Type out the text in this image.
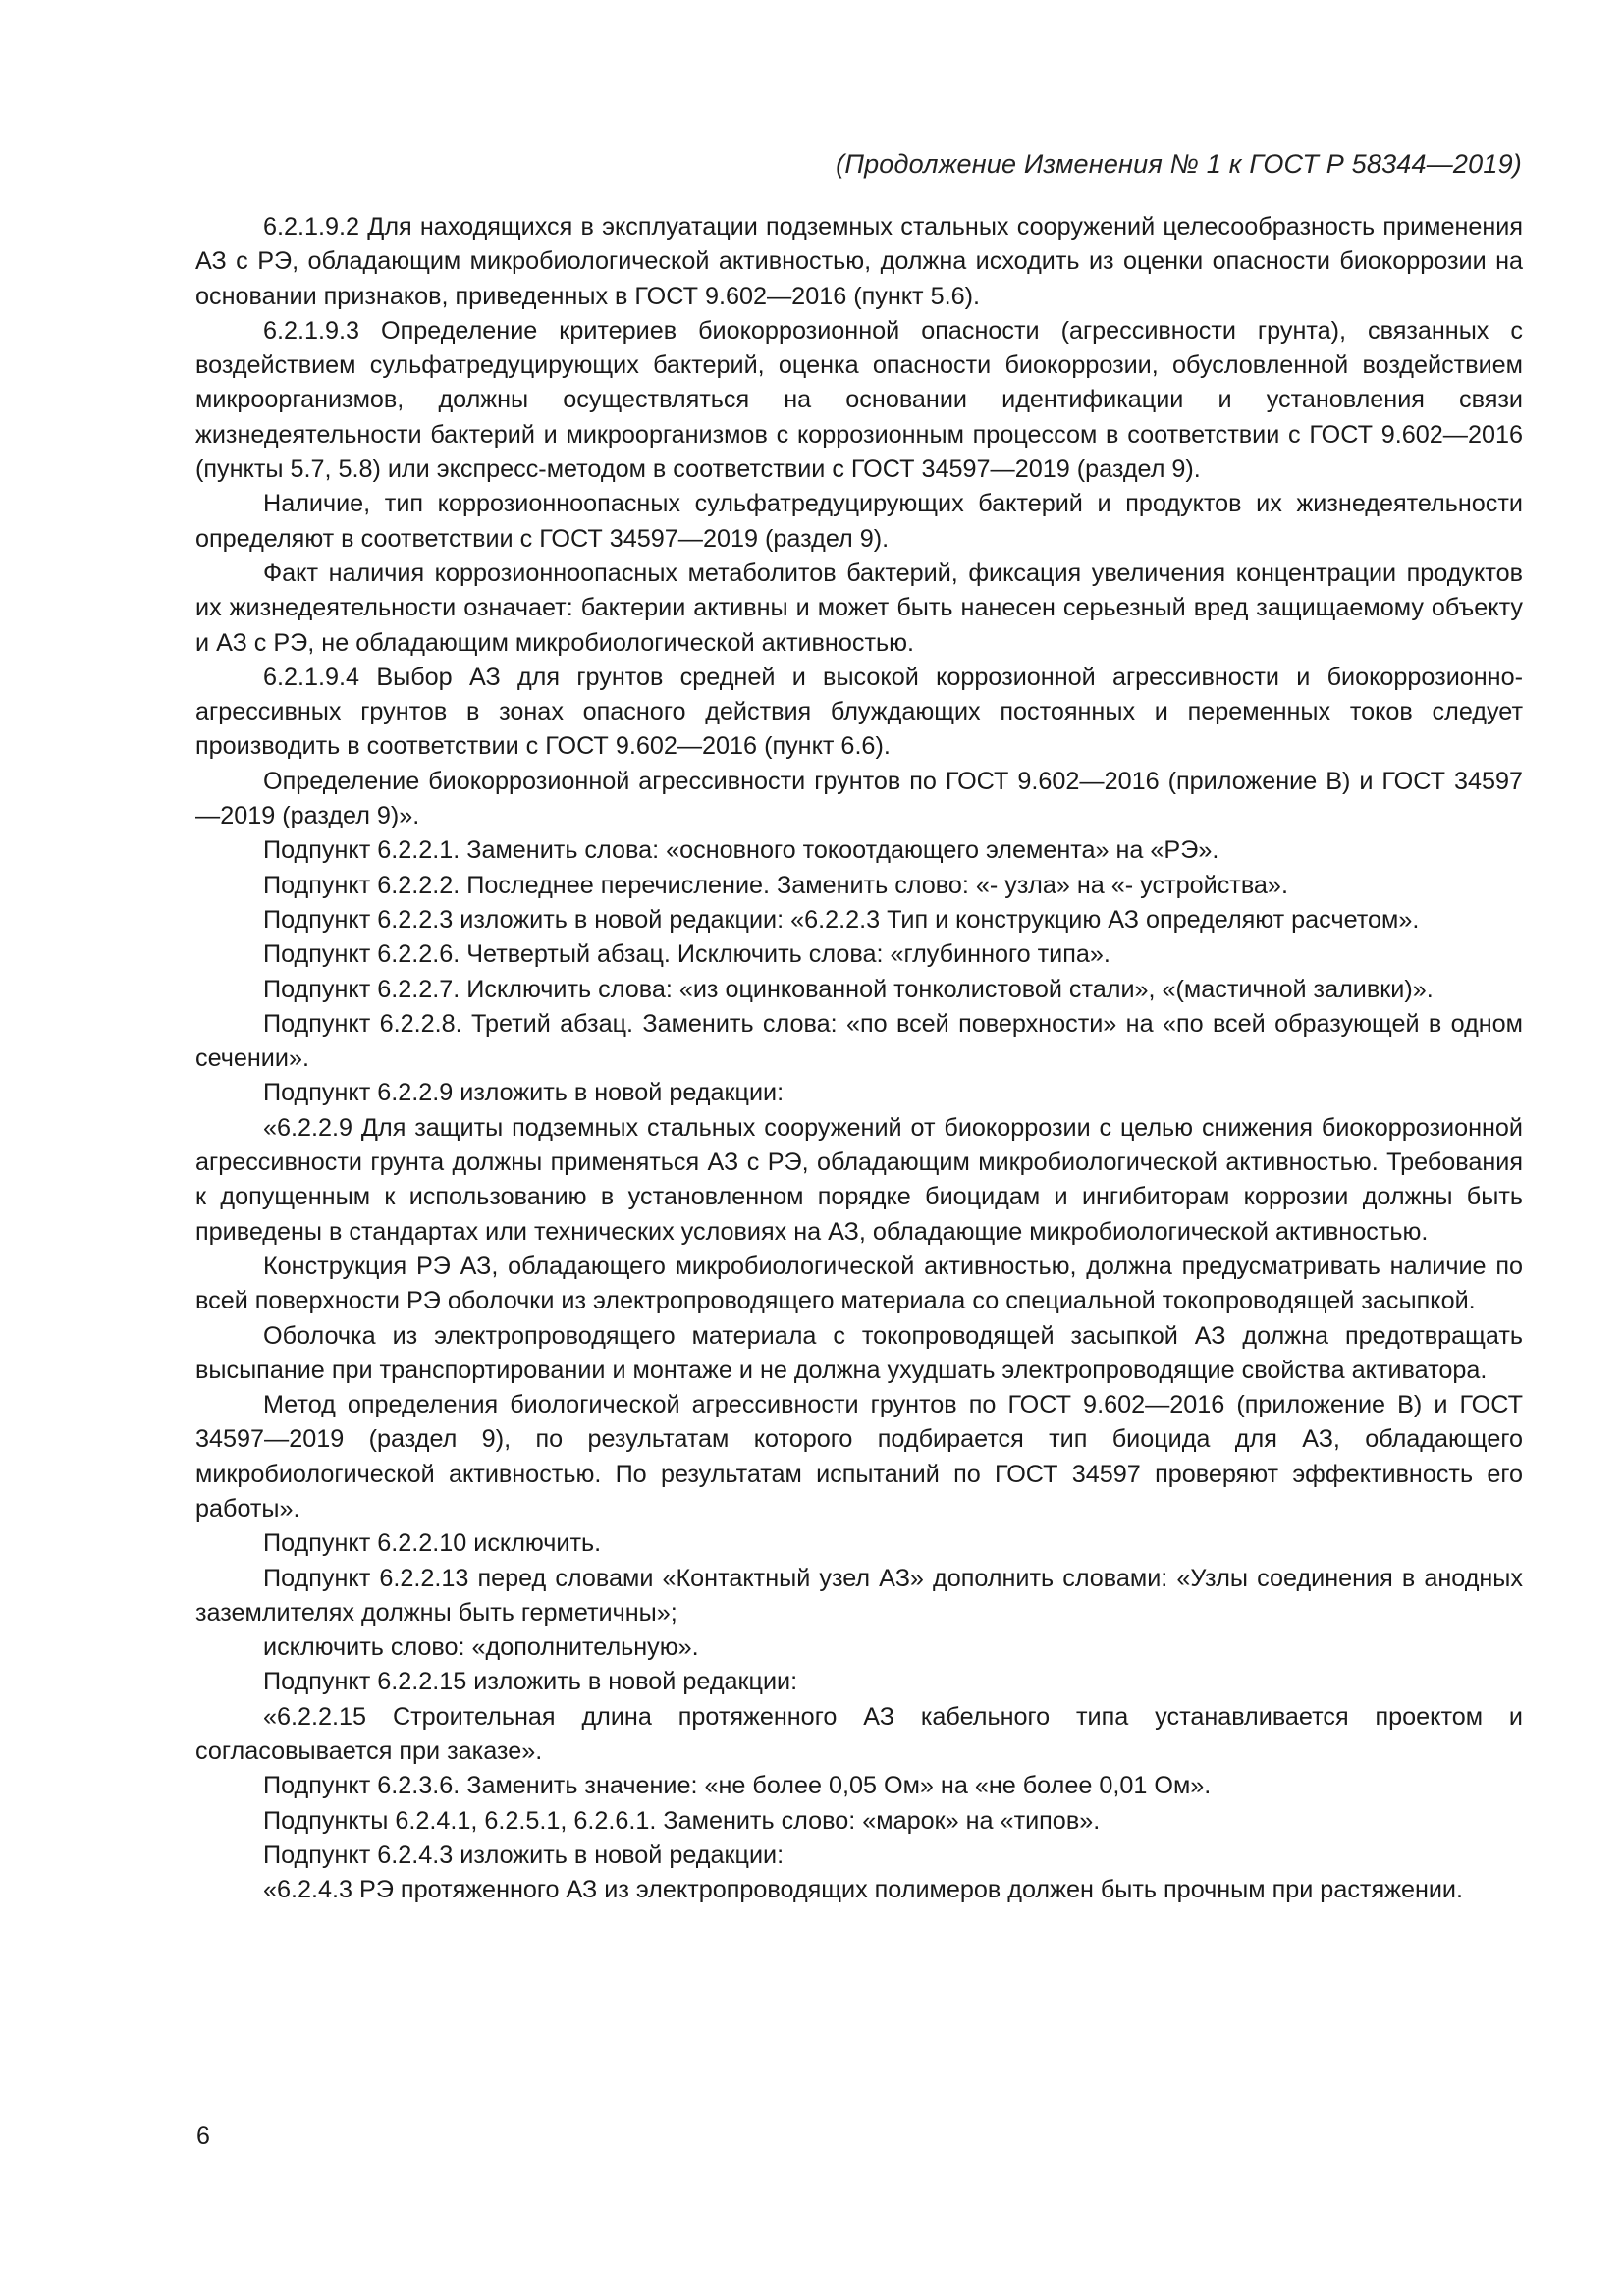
(Продолжение Изменения № 1 к ГОСТ Р 58344—2019)

6.2.1.9.2 Для находящихся в эксплуатации подземных стальных сооружений целесообразность применения АЗ с РЭ, обладающим микробиологической активностью, должна исходить из оценки опасности биокоррозии на основании признаков, приведенных в ГОСТ 9.602—2016 (пункт 5.6).

6.2.1.9.3 Определение критериев биокоррозионной опасности (агрессивности грунта), связанных с воздействием сульфатредуцирующих бактерий, оценка опасности биокоррозии, обусловленной воздействием микроорганизмов, должны осуществляться на основании идентификации и установления связи жизнедеятельности бактерий и микроорганизмов с коррозионным процессом в соответствии с ГОСТ 9.602—2016 (пункты 5.7, 5.8) или экспресс-методом в соответствии с ГОСТ 34597—2019 (раздел 9).

Наличие, тип коррозионноопасных сульфатредуцирующих бактерий и продуктов их жизнедеятельности определяют в соответствии с ГОСТ 34597—2019 (раздел 9).

Факт наличия коррозионноопасных метаболитов бактерий, фиксация увеличения концентрации продуктов их жизнедеятельности означает: бактерии активны и может быть нанесен серьезный вред защищаемому объекту и АЗ с РЭ, не обладающим микробиологической активностью.

6.2.1.9.4 Выбор АЗ для грунтов средней и высокой коррозионной агрессивности и биокоррозионно-агрессивных грунтов в зонах опасного действия блуждающих постоянных и переменных токов следует производить в соответствии с ГОСТ 9.602—2016 (пункт 6.6).

Определение биокоррозионной агрессивности грунтов по ГОСТ 9.602—2016 (приложение В) и ГОСТ 34597—2019 (раздел 9)».

Подпункт 6.2.2.1. Заменить слова: «основного токоотдающего элемента» на «РЭ».

Подпункт 6.2.2.2. Последнее перечисление. Заменить слово: «- узла» на «- устройства».

Подпункт 6.2.2.3 изложить в новой редакции: «6.2.2.3 Тип и конструкцию АЗ определяют расчетом».

Подпункт 6.2.2.6. Четвертый абзац. Исключить слова: «глубинного типа».

Подпункт 6.2.2.7. Исключить слова: «из оцинкованной тонколистовой стали», «(мастичной заливки)».

Подпункт 6.2.2.8. Третий абзац. Заменить слова: «по всей поверхности» на «по всей образующей в одном сечении».

Подпункт 6.2.2.9 изложить в новой редакции:

«6.2.2.9 Для защиты подземных стальных сооружений от биокоррозии с целью снижения биокоррозионной агрессивности грунта должны применяться АЗ с РЭ, обладающим микробиологической активностью. Требования к допущенным к использованию в установленном порядке биоцидам и ингибиторам коррозии должны быть приведены в стандартах или технических условиях на АЗ, обладающие микробиологической активностью.

Конструкция РЭ АЗ, обладающего микробиологической активностью, должна предусматривать наличие по всей поверхности РЭ оболочки из электропроводящего материала со специальной токопроводящей засыпкой.

Оболочка из электропроводящего материала с токопроводящей засыпкой АЗ должна предотвращать высыпание при транспортировании и монтаже и не должна ухудшать электропроводящие свойства активатора.

Метод определения биологической агрессивности грунтов по ГОСТ 9.602—2016 (приложение В) и ГОСТ 34597—2019 (раздел 9), по результатам которого подбирается тип биоцида для АЗ, обладающего микробиологической активностью. По результатам испытаний по ГОСТ 34597 проверяют эффективность его работы».

Подпункт 6.2.2.10 исключить.

Подпункт 6.2.2.13 перед словами «Контактный узел АЗ» дополнить словами: «Узлы соединения в анодных заземлителях должны быть герметичны»;

исключить слово: «дополнительную».

Подпункт 6.2.2.15 изложить в новой редакции:

«6.2.2.15 Строительная длина протяженного АЗ кабельного типа устанавливается проектом и согласовывается при заказе».

Подпункт 6.2.3.6. Заменить значение: «не более 0,05 Ом» на «не более 0,01 Ом».

Подпункты 6.2.4.1, 6.2.5.1, 6.2.6.1. Заменить слово: «марок» на «типов».

Подпункт 6.2.4.3 изложить в новой редакции:

«6.2.4.3 РЭ протяженного АЗ из электропроводящих полимеров должен быть прочным при растяжении.

6
